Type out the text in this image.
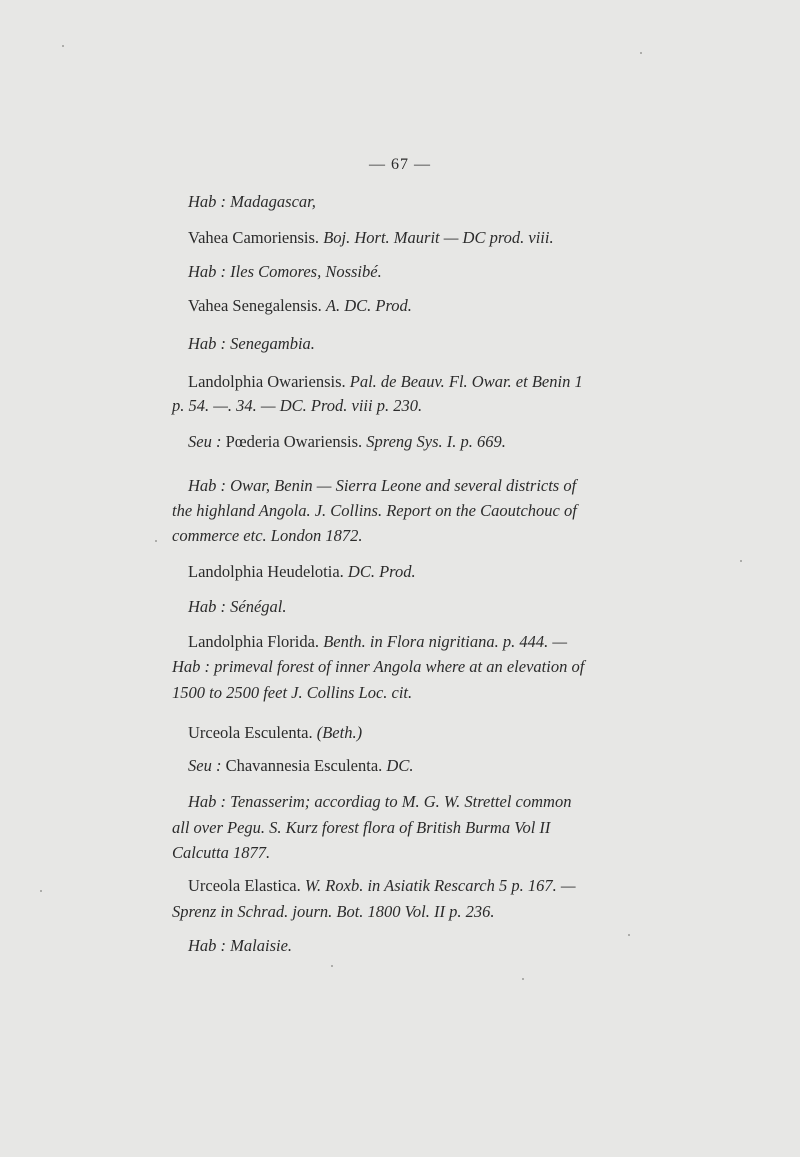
— 67 —
Hab : Madagascar,
Vahea Camoriensis. Boj. Hort. Maurit — DC prod. viii.
Hab : Iles Comores, Nossibé.
Vahea Senegalensis. A. DC. Prod.
Hab : Senegambia.
Landolphia Owariensis. Pal. de Beauv. Fl. Owar. et Benin 1
p. 54. —. 34. — DC. Prod. viii p. 230.
Seu : Pœderia Owariensis. Spreng Sys. I. p. 669.
Hab : Owar, Benin — Sierra Leone and several districts of
the highland Angola. J. Collins. Report on the Caoutchouc of
commerce etc. London 1872.
Landolphia Heudelotia. DC. Prod.
Hab : Sénégal.
Landolphia Florida. Benth. in Flora nigritiana. p. 444. —
Hab : primeval forest of inner Angola where at an elevation of
1500 to 2500 feet J. Collins Loc. cit.
Urceola Esculenta. (Beth.)
Seu : Chavannesia Esculenta. DC.
Hab : Tenasserim; accordiag to M. G. W. Strettel common
all over Pegu. S. Kurz forest flora of British Burma Vol II
Calcutta 1877.
Urceola Elastica. W. Roxb. in Asiatik Rescarch 5 p. 167. —
Sprenz in Schrad. journ. Bot. 1800 Vol. II p. 236.
Hab : Malaisie.
